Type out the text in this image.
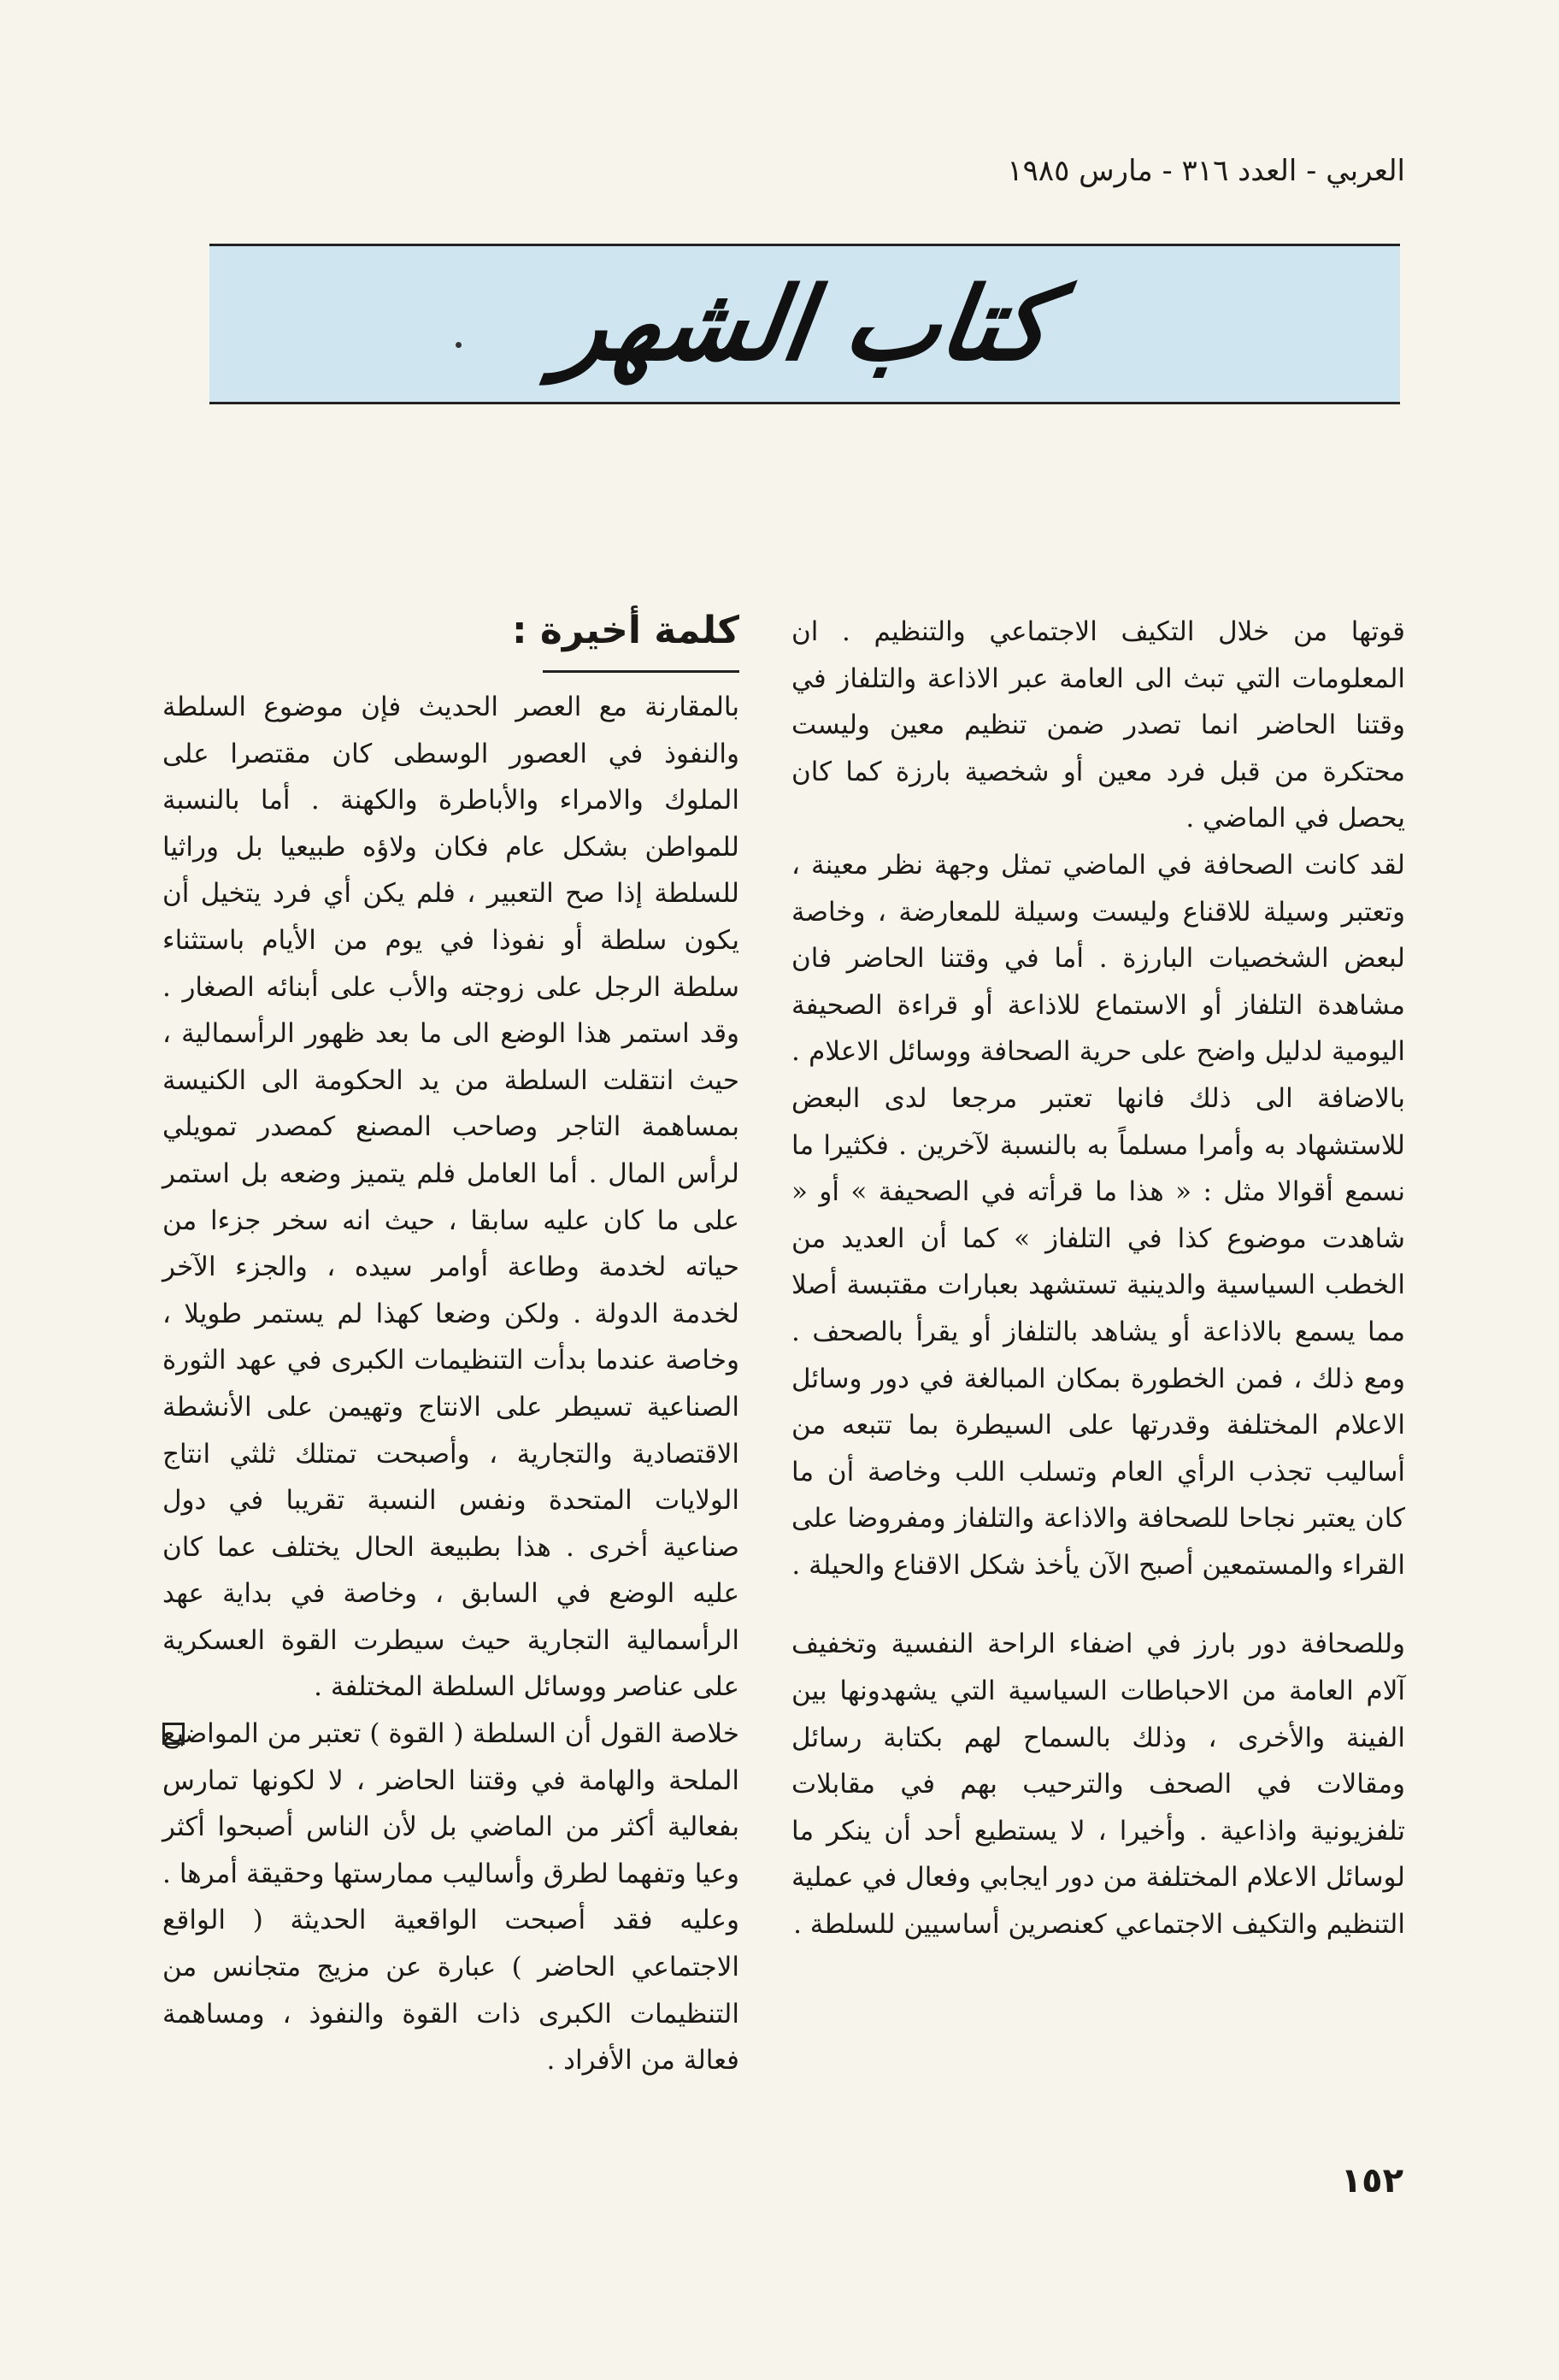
العربي - العدد ٣١٦ - مارس ١٩٨٥
كتاب الشهر

قوتها من خلال التكيف الاجتماعي والتنظيم . ان المعلومات التي تبث الى العامة عبر الاذاعة والتلفاز في وقتنا الحاضر انما تصدر ضمن تنظيم معين وليست محتكرة من قبل فرد معين أو شخصية بارزة كما كان يحصل في الماضي .

لقد كانت الصحافة في الماضي تمثل وجهة نظر معينة ، وتعتبر وسيلة للاقناع وليست وسيلة للمعارضة ، وخاصة لبعض الشخصيات البارزة . أما في وقتنا الحاضر فان مشاهدة التلفاز أو الاستماع للاذاعة أو قراءة الصحيفة اليومية لدليل واضح على حرية الصحافة ووسائل الاعلام . بالاضافة الى ذلك فانها تعتبر مرجعا لدى البعض للاستشهاد به وأمرا مسلماً به بالنسبة لآخرين . فكثيرا ما نسمع أقوالا مثل : « هذا ما قرأته في الصحيفة » أو « شاهدت موضوع كذا في التلفاز » كما أن العديد من الخطب السياسية والدينية تستشهد بعبارات مقتبسة أصلا مما يسمع بالاذاعة أو يشاهد بالتلفاز أو يقرأ بالصحف . ومع ذلك ، فمن الخطورة بمكان المبالغة في دور وسائل الاعلام المختلفة وقدرتها على السيطرة بما تتبعه من أساليب تجذب الرأي العام وتسلب اللب وخاصة أن ما كان يعتبر نجاحا للصحافة والاذاعة والتلفاز ومفروضا على القراء والمستمعين أصبح الآن يأخذ شكل الاقناع والحيلة .

وللصحافة دور بارز في اضفاء الراحة النفسية وتخفيف آلام العامة من الاحباطات السياسية التي يشهدونها بين الفينة والأخرى ، وذلك بالسماح لهم بكتابة رسائل ومقالات في الصحف والترحيب بهم في مقابلات تلفزيونية واذاعية . وأخيرا ، لا يستطيع أحد أن ينكر ما لوسائل الاعلام المختلفة من دور ايجابي وفعال في عملية التنظيم والتكيف الاجتماعي كعنصرين أساسيين للسلطة .

كلمة أخيرة :

بالمقارنة مع العصر الحديث فإن موضوع السلطة والنفوذ في العصور الوسطى كان مقتصرا على الملوك والامراء والأباطرة والكهنة . أما بالنسبة للمواطن بشكل عام فكان ولاؤه طبيعيا بل وراثيا للسلطة إذا صح التعبير ، فلم يكن أي فرد يتخيل أن يكون سلطة أو نفوذا في يوم من الأيام باستثناء سلطة الرجل على زوجته والأب على أبنائه الصغار . وقد استمر هذا الوضع الى ما بعد ظهور الرأسمالية ، حيث انتقلت السلطة من يد الحكومة الى الكنيسة بمساهمة التاجر وصاحب المصنع كمصدر تمويلي لرأس المال . أما العامل فلم يتميز وضعه بل استمر على ما كان عليه سابقا ، حيث انه سخر جزءا من حياته لخدمة وطاعة أوامر سيده ، والجزء الآخر لخدمة الدولة . ولكن وضعا كهذا لم يستمر طويلا ، وخاصة عندما بدأت التنظيمات الكبرى في عهد الثورة الصناعية تسيطر على الانتاج وتهيمن على الأنشطة الاقتصادية والتجارية ، وأصبحت تمتلك ثلثي انتاج الولايات المتحدة ونفس النسبة تقريبا في دول صناعية أخرى . هذا بطبيعة الحال يختلف عما كان عليه الوضع في السابق ، وخاصة في بداية عهد الرأسمالية التجارية حيث سيطرت القوة العسكرية على عناصر ووسائل السلطة المختلفة .

خلاصة القول أن السلطة ( القوة ) تعتبر من المواضيع الملحة والهامة في وقتنا الحاضر ، لا لكونها تمارس بفعالية أكثر من الماضي بل لأن الناس أصبحوا أكثر وعيا وتفهما لطرق وأساليب ممارستها وحقيقة أمرها . وعليه فقد أصبحت الواقعية الحديثة ( الواقع الاجتماعي الحاضر ) عبارة عن مزيج متجانس من التنظيمات الكبرى ذات القوة والنفوذ ، ومساهمة فعالة من الأفراد .

١٥٢
